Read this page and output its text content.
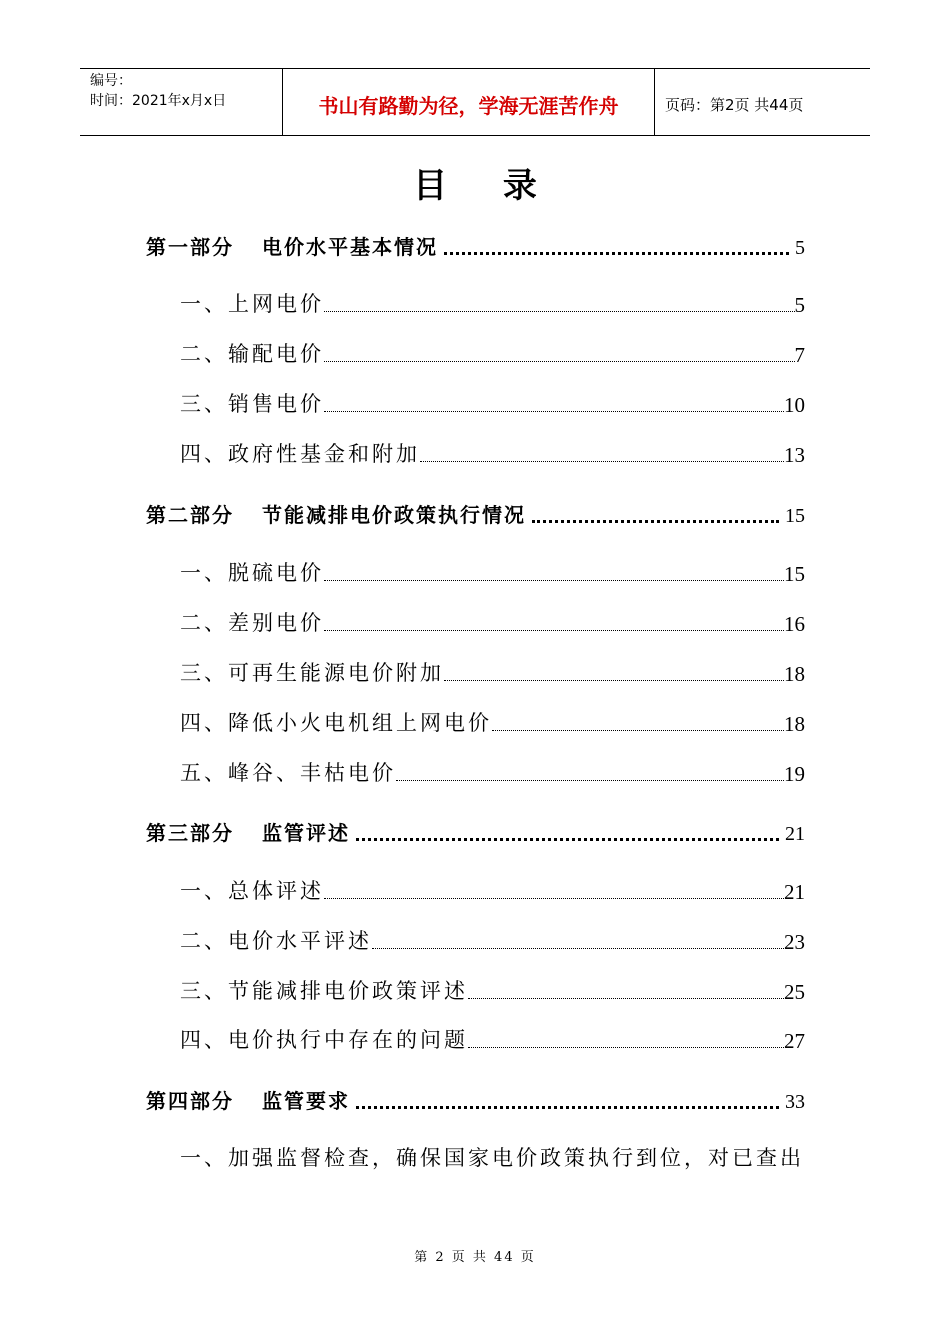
编号：
时间：2021年x月x日	书山有路勤为径，学海无涯苦作舟	页码：第2页 共44页
目 录
第一部分 电价水平基本情况	5
一、上网电价	5
二、输配电价	7
三、销售电价	10
四、政府性基金和附加	13
第二部分 节能减排电价政策执行情况	15
一、脱硫电价	15
二、差别电价	16
三、可再生能源电价附加	18
四、降低小火电机组上网电价	18
五、峰谷、丰枯电价	19
第三部分 监管评述	21
一、总体评述	21
二、电价水平评述	23
三、节能减排电价政策评述	25
四、电价执行中存在的问题	27
第四部分 监管要求	33
一、加强监督检查，确保国家电价政策执行到位，对已查出
第 2 页 共 44 页
